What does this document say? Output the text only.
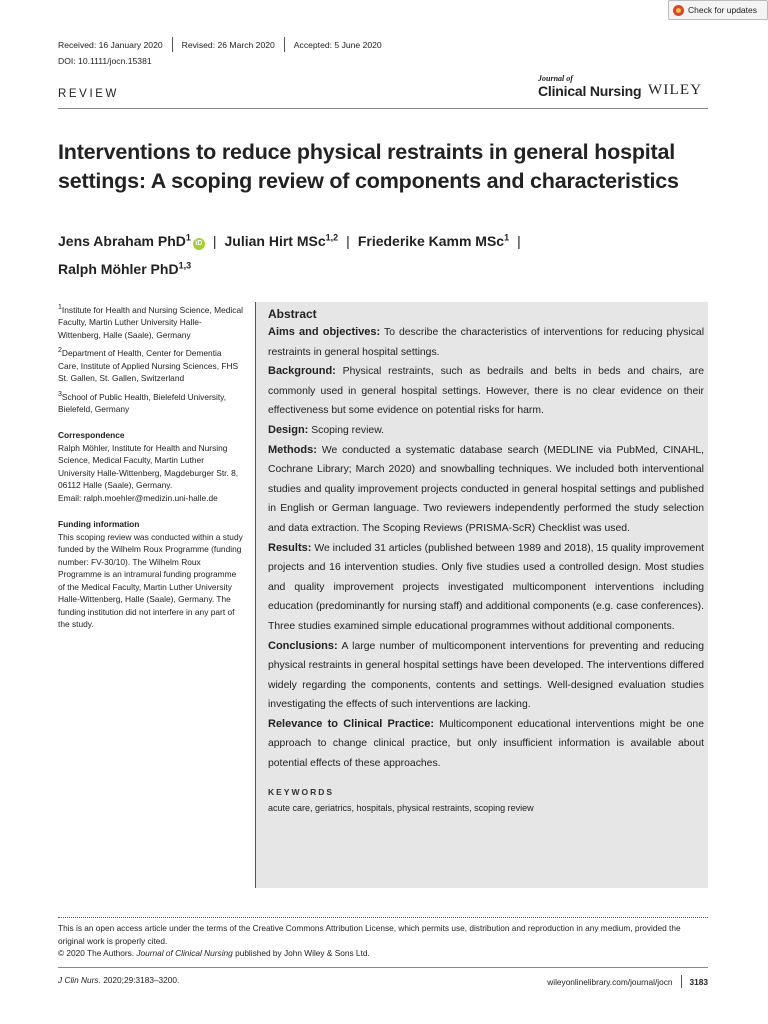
Check for updates
Received: 16 January 2020 Revised: 26 March 2020 Accepted: 5 June 2020
DOI: 10.1111/jocn.15381
REVIEW
Journal of
Clinical Nursing WILEY
Interventions to reduce physical restraints in general hospital settings: A scoping review of components and characteristics
Jens Abraham PhD$^1$iD | Julian Hirt MSc$^{1,2}$ | Friederike Kamm MSc$^1$ |
Ralph Möhler PhD$^{1,3}$

$^1$Institute for Health and Nursing Science, Medical Faculty, Martin Luther University Halle-Wittenberg, Halle (Saale), Germany

$^2$Department of Health, Center for Dementia Care, Institute of Applied Nursing Sciences, FHS St. Gallen, St. Gallen, Switzerland

$^3$School of Public Health, Bielefeld University, Bielefeld, Germany

Correspondence
Ralph Möhler, Institute for Health and Nursing Science, Medical Faculty, Martin Luther University Halle-Wittenberg, Magdeburger Str. 8, 06112 Halle (Saale), Germany.
Email: ralph.moehler@medizin.uni-halle.de
Funding information
This scoping review was conducted within a study funded by the Wilhelm Roux Programme (funding number: FV-30/10). The Wilhelm Roux Programme is an intramural funding programme of the Medical Faculty, Martin Luther University Halle-Wittenberg, Halle (Saale), Germany. The funding institution did not interfere in any part of the study.
Abstract

Aims and objectives: To describe the characteristics of interventions for reducing physical restraints in general hospital settings.

Background: Physical restraints, such as bedrails and belts in beds and chairs, are commonly used in general hospital settings. However, there is no clear evidence on their effectiveness but some evidence on potential risks for harm.

Design: Scoping review.

Methods: We conducted a systematic database search (MEDLINE via PubMed, CINAHL, Cochrane Library; March 2020) and snowballing techniques. We included both interventional studies and quality improvement projects conducted in general hospital settings and published in English or German language. Two reviewers independently performed the study selection and data extraction. The Scoping Reviews (PRISMA-ScR) Checklist was used.

Results: We included 31 articles (published between 1989 and 2018), 15 quality improvement projects and 16 intervention studies. Only five studies used a controlled design. Most studies and quality improvement projects investigated multicomponent interventions including education (predominantly for nursing staff) and additional components (e.g. case conferences). Three studies examined simple educational programmes without additional components.

Conclusions: A large number of multicomponent interventions for preventing and reducing physical restraints in general hospital settings have been developed. The interventions differed widely regarding the components, contents and settings. Well-designed evaluation studies investigating the effects of such interventions are lacking.

Relevance to Clinical Practice: Multicomponent educational interventions might be one approach to change clinical practice, but only insufficient information is available about potential effects of these approaches.

KEYWORDS
acute care, geriatrics, hospitals, physical restraints, scoping review
This is an open access article under the terms of the Creative Commons Attribution License, which permits use, distribution and reproduction in any medium, provided the original work is properly cited.
© 2020 The Authors. Journal of Clinical Nursing published by John Wiley & Sons Ltd.
J Clin Nurs. 2020;29:3183–3200.	wileyonlinelibrary.com/journal/jocn 3183
